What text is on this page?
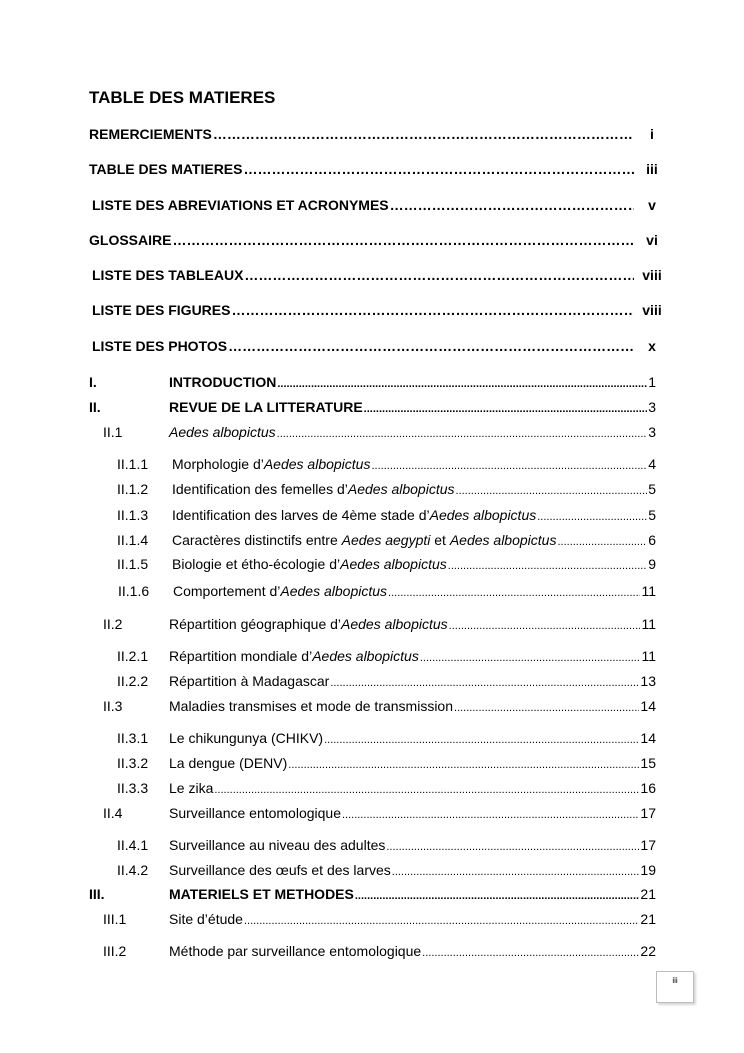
TABLE DES MATIERES
REMERCIEMENTS …………………………………………………………………………………………………………………………………………………………………………………………………………………	i
TABLE DES MATIERES …………………………………………………………………………………………………………………………………………………………………………………………………………………	iii
LISTE DES ABREVIATIONS ET ACRONYMES …………………………………………………………………………………………………………………………………………………………………………………………………………………	v
GLOSSAIRE …………………………………………………………………………………………………………………………………………………………………………………………………………………	vi
LISTE DES TABLEAUX …………………………………………………………………………………………………………………………………………………………………………………………………………………	viii
LISTE DES FIGURES …………………………………………………………………………………………………………………………………………………………………………………………………………………	viii
LISTE DES PHOTOS …………………………………………………………………………………………………………………………………………………………………………………………………………………	x
I.	INTRODUCTION .....	1
II.	REVUE DE LA LITTERATURE .....	3
II.1	Aedes albopictus .....	3
II.1.1	Morphologie d’Aedes albopictus .....	4
II.1.2	Identification des femelles d’Aedes albopictus .....	5
II.1.3	Identification des larves de 4ème stade d’Aedes albopictus .....	5
II.1.4	Caractères distinctifs entre Aedes aegypti et Aedes albopictus .....	6
II.1.5	Biologie et étho-écologie d’Aedes albopictus .....	9
II.1.6	Comportement d’Aedes albopictus .....	11
II.2	Répartition géographique d’Aedes albopictus .....	11
II.2.1	Répartition mondiale d’Aedes albopictus .....	11
II.2.2	Répartition à Madagascar .....	13
II.3	Maladies transmises et mode de transmission .....	14
II.3.1	Le chikungunya (CHIKV) .....	14
II.3.2	La dengue (DENV) .....	15
II.3.3	Le zika .....	16
II.4	Surveillance entomologique .....	17
II.4.1	Surveillance au niveau des adultes .....	17
II.4.2	Surveillance des œufs et des larves .....	19
III.	MATERIELS ET METHODES .....	21
III.1	Site d’étude .....	21
III.2	Méthode par surveillance entomologique .....	22
iii
